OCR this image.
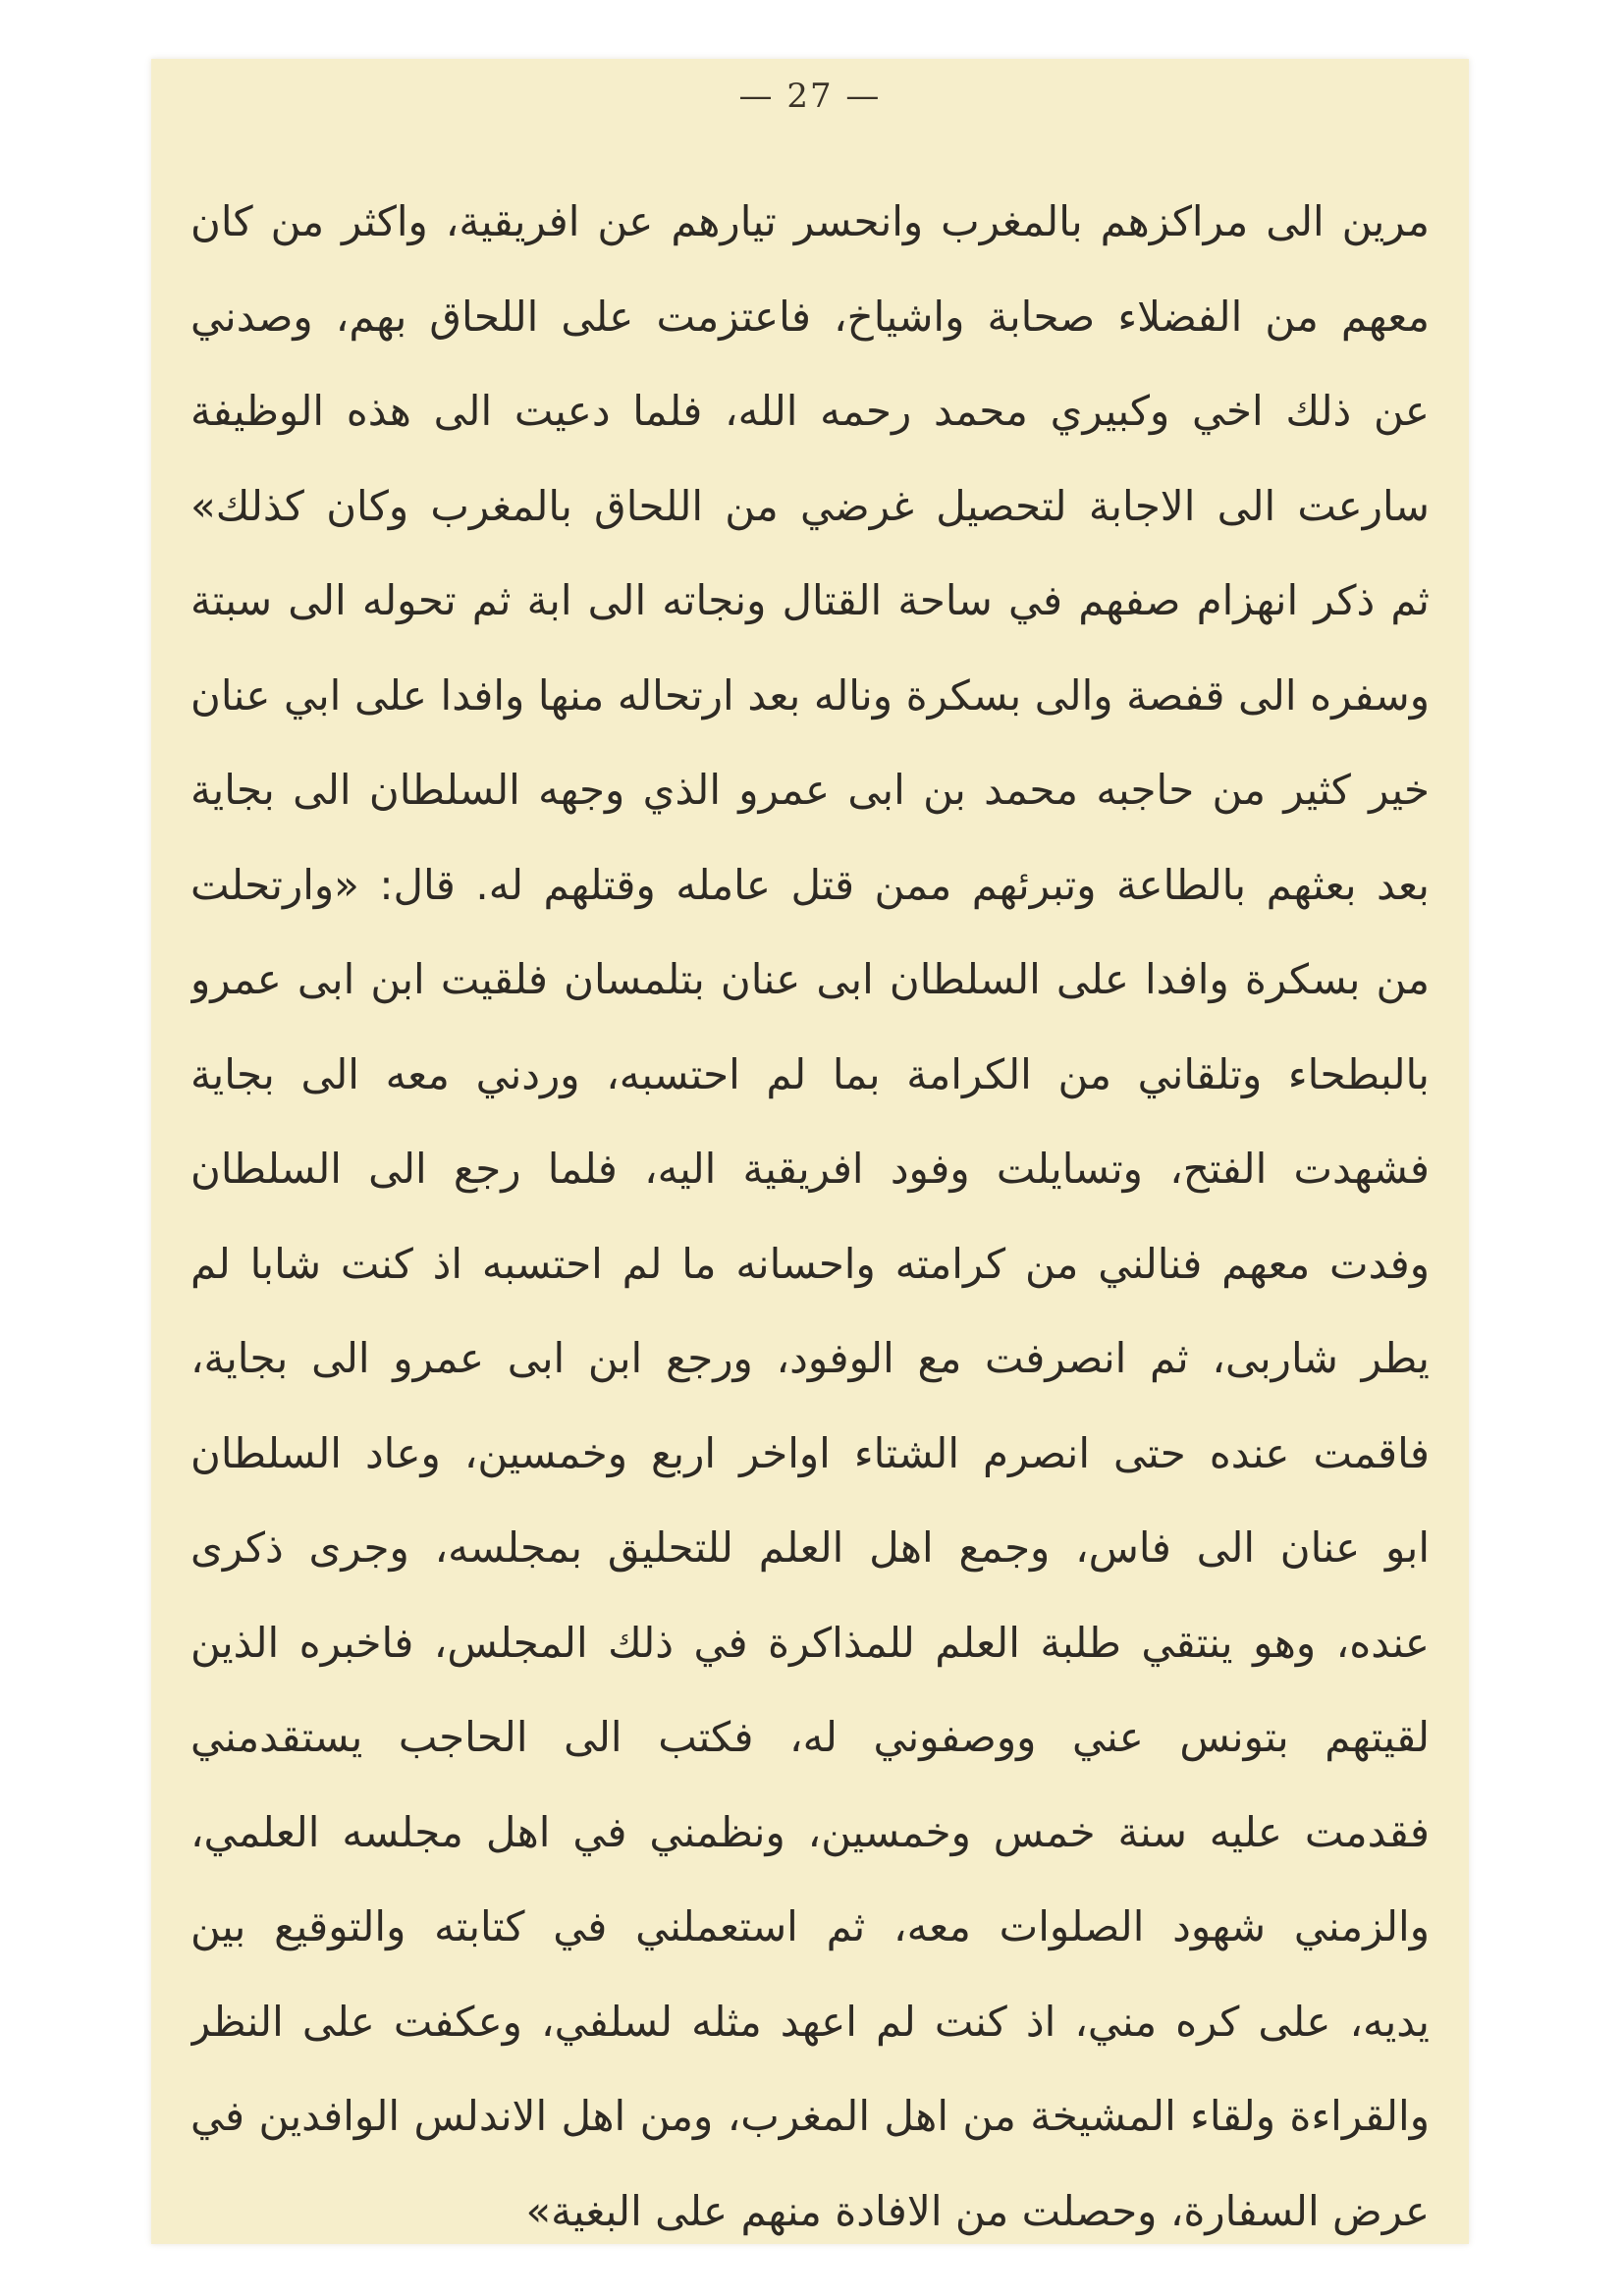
— 27 —
مرين الى مراكزهم بالمغرب وانحسر تيارهم عن افريقية، واكثر من كان
معهم من الفضلاء صحابة واشياخ، فاعتزمت على اللحاق بهم، وصدني
عن ذلك اخي وكبيري محمد رحمه الله، فلما دعيت الى هذه الوظيفة
سارعت الى الاجابة لتحصيل غرضي من اللحاق بالمغرب وكان كذلك»
ثم ذكر انهزام صفهم في ساحة القتال ونجاته الى ابة ثم تحوله الى سبتة
وسفره الى قفصة والى بسكرة وناله بعد ارتحاله منها وافدا على ابي عنان
خير كثير من حاجبه محمد بن ابى عمرو الذي وجهه السلطان الى بجاية
بعد بعثهم بالطاعة وتبرئهم ممن قتل عامله وقتلهم له. قال: «وارتحلت
من بسكرة وافدا على السلطان ابى عنان بتلمسان فلقيت ابن ابى عمرو
بالبطحاء وتلقاني من الكرامة بما لم احتسبه، وردني معه الى بجاية
فشهدت الفتح، وتسايلت وفود افريقية اليه، فلما رجع الى السلطان
وفدت معهم فنالني من كرامته واحسانه ما لم احتسبه اذ كنت شابا لم
يطر شاربى، ثم انصرفت مع الوفود، ورجع ابن ابى عمرو الى بجاية،
فاقمت عنده حتى انصرم الشتاء اواخر اربع وخمسين، وعاد السلطان
ابو عنان الى فاس، وجمع اهل العلم للتحليق بمجلسه، وجرى ذكرى
عنده، وهو ينتقي طلبة العلم للمذاكرة في ذلك المجلس، فاخبره الذين
لقيتهم بتونس عني ووصفوني له، فكتب الى الحاجب يستقدمني
فقدمت عليه سنة خمس وخمسين، ونظمني في اهل مجلسه العلمي،
والزمني شهود الصلوات معه، ثم استعملني في كتابته والتوقيع بين
يديه، على كره مني، اذ كنت لم اعهد مثله لسلفي، وعكفت على النظر
والقراءة ولقاء المشيخة من اهل المغرب، ومن اهل الاندلس الوافدين في
عرض السفارة، وحصلت من الافادة منهم على البغية»
